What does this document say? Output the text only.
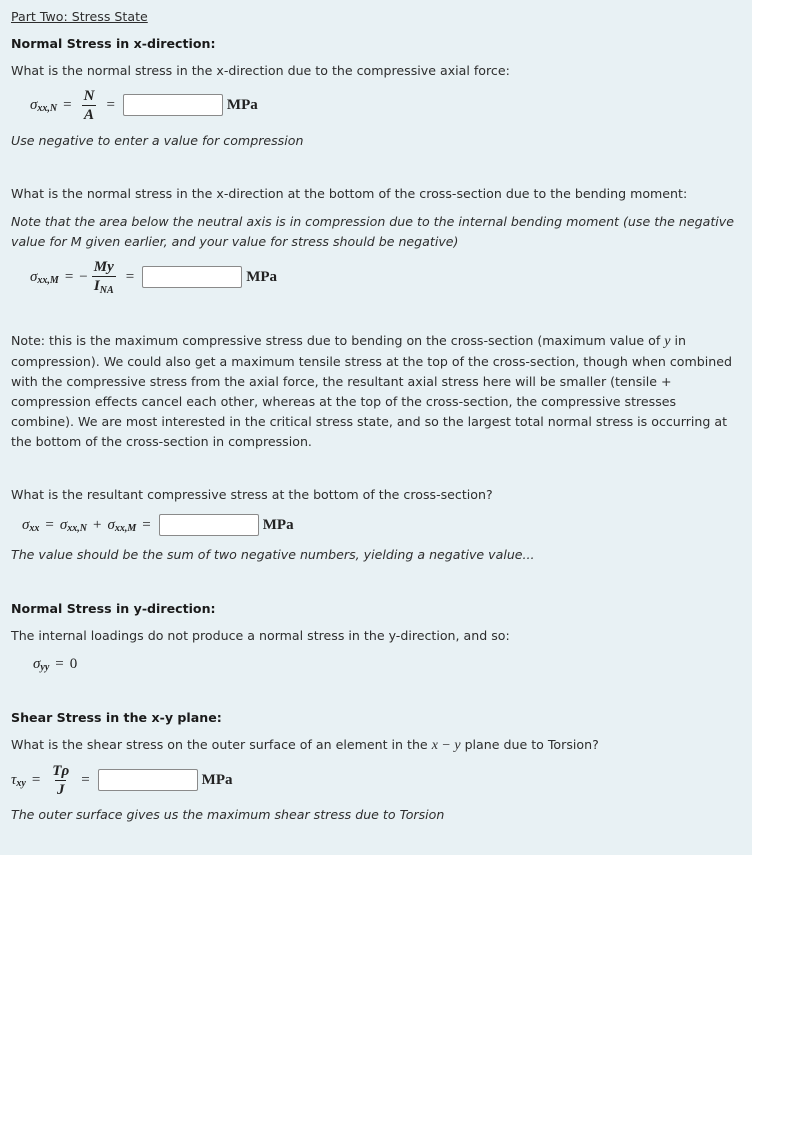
Part Two: Stress State
Normal Stress in x-direction:
What is the normal stress in the x-direction due to the compressive axial force:
σ $xx,N = \frac{N}{A}$ =	MPa
Use negative to enter a value for compression
What is the normal stress in the x-direction at the bottom of the cross-section due to the bending moment:
Note that the area below the neutral axis is in compression due to the internal bending moment (use the negative value for M given earlier, and your value for stress should be negative)
σ xx,M = − $\frac{My}{I_{NA}}$ =	MPa
Note: this is the maximum compressive stress due to bending on the cross-section (maximum value of y in compression). We could also get a maximum tensile stress at the top of the cross-section, though when combined with the compressive stress from the axial force, the resultant axial stress here will be smaller (tensile + compression effects cancel each other, whereas at the top of the cross-section, the compressive stresses combine). We are most interested in the critical stress state, and so the largest total normal stress is occurring at the bottom of the cross-section in compression.
What is the resultant compressive stress at the bottom of the cross-section?
σ xx = σ xx,N + σ xx,M =	MPa
The value should be the sum of two negative numbers, yielding a negative value...
Normal Stress in y-direction:
The internal loadings do not produce a normal stress in the y-direction, and so:
σ yy = 0
Shear Stress in the x-y plane:
What is the shear stress on the outer surface of an element in the x − y plane due to Torsion?
τ xy = $\frac{T\rho}{J}$ =	MPa
The outer surface gives us the maximum shear stress due to Torsion
